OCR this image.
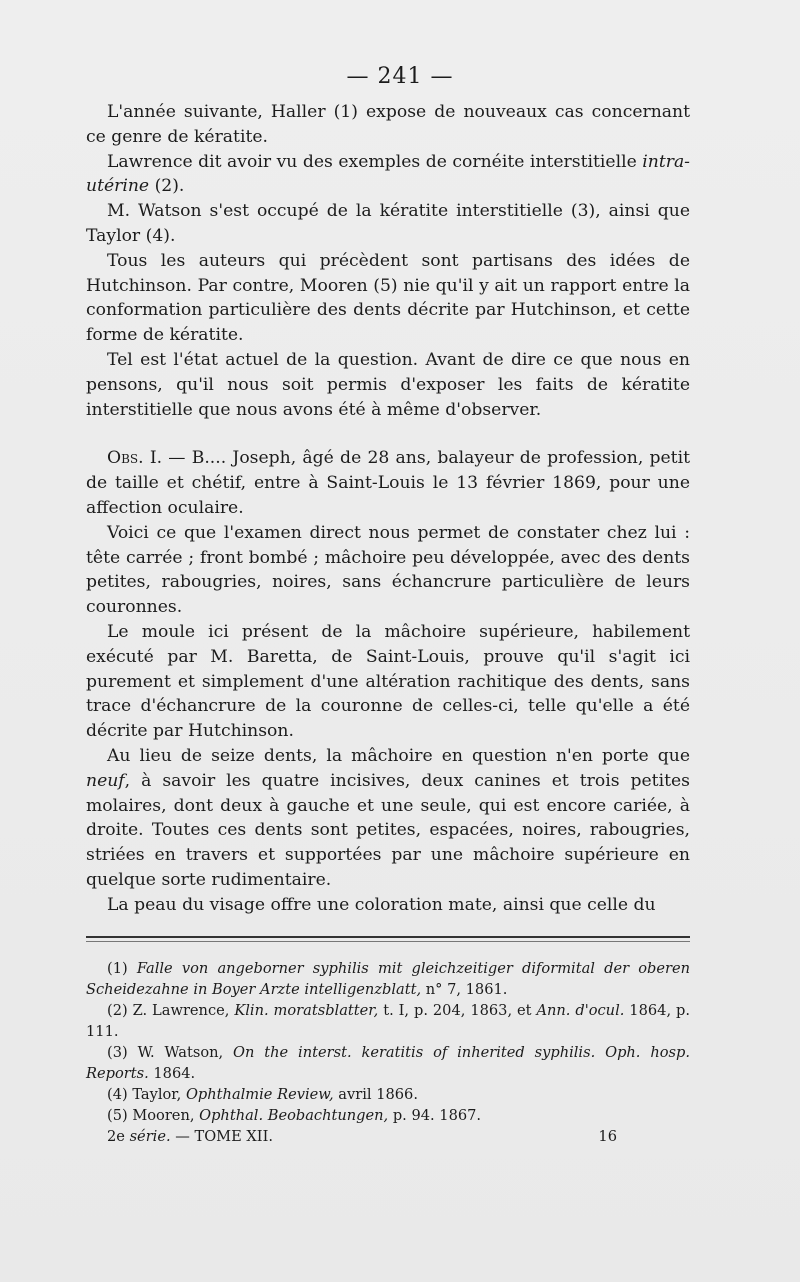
— 241 —

L'année suivante, Haller (1) expose de nouveaux cas concernant ce genre de kératite.

Lawrence dit avoir vu des exemples de cornéite interstitielle intra-utérine (2).

M. Watson s'est occupé de la kératite interstitielle (3), ainsi que Taylor (4).

Tous les auteurs qui précèdent sont partisans des idées de Hutchinson. Par contre, Mooren (5) nie qu'il y ait un rapport entre la conformation particulière des dents décrite par Hutchinson, et cette forme de kératite.

Tel est l'état actuel de la question. Avant de dire ce que nous en pensons, qu'il nous soit permis d'exposer les faits de kératite interstitielle que nous avons été à même d'observer.

Obs. I. — B.... Joseph, âgé de 28 ans, balayeur de profession, petit de taille et chétif, entre à Saint-Louis le 13 février 1869, pour une affection oculaire.

Voici ce que l'examen direct nous permet de constater chez lui : tête carrée ; front bombé ; mâchoire peu développée, avec des dents petites, rabougries, noires, sans échancrure particulière de leurs couronnes.

Le moule ici présent de la mâchoire supérieure, habilement exécuté par M. Baretta, de Saint-Louis, prouve qu'il s'agit ici purement et simplement d'une altération rachitique des dents, sans trace d'échancrure de la couronne de celles-ci, telle qu'elle a été décrite par Hutchinson.

Au lieu de seize dents, la mâchoire en question n'en porte que neuf, à savoir les quatre incisives, deux canines et trois petites molaires, dont deux à gauche et une seule, qui est encore cariée, à droite. Toutes ces dents sont petites, espacées, noires, rabougries, striées en travers et supportées par une mâchoire supérieure en quelque sorte rudimentaire.

La peau du visage offre une coloration mate, ainsi que celle du

(1) Falle von angeborner syphilis mit gleichzeitiger diformital der oberen Scheidezahne in Boyer Arzte intelligenzblatt, n° 7, 1861.

(2) Z. Lawrence, Klin. moratsblatter, t. I, p. 204, 1863, et Ann. d'ocul. 1864, p. 111.

(3) W. Watson, On the interst. keratitis of inherited syphilis. Oph. hosp. Reports. 1864.

(4) Taylor, Ophthalmie Review, avril 1866.

(5) Mooren, Ophthal. Beobachtungen, p. 94. 1867.

2e série. — TOME XII.	16
